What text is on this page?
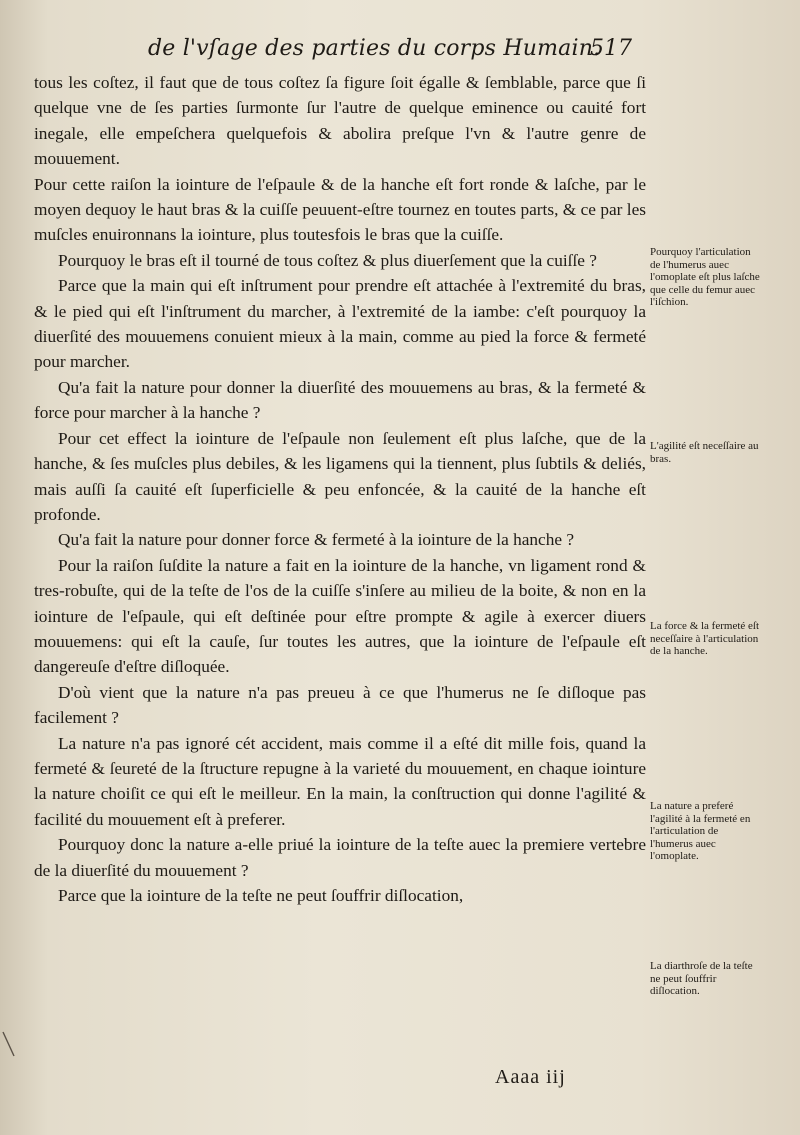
de l'vſage des parties du corps Humain.
517

tous les coſtez, il faut que de tous coſtez ſa figure ſoit égalle & ſemblable, parce que ſi quelque vne de ſes parties ſurmonte ſur l'autre de quelque eminence ou cauité fort inegale, elle empeſchera quelquefois & abolira preſque l'vn & l'autre genre de mouuement.

Pour cette raiſon la iointure de l'eſpaule & de la hanche eſt fort ronde & laſche, par le moyen dequoy le haut bras & la cuiſſe peuuent-eſtre tournez en toutes parts, & ce par les muſcles enuironnans la iointure, plus toutesfois le bras que la cuiſſe.

Pourquoy le bras eſt il tourné de tous coſtez & plus diuerſement que la cuiſſe ?

Parce que la main qui eſt inſtrument pour prendre eſt attachée à l'extremité du bras, & le pied qui eſt l'inſtrument du marcher, à l'extremité de la iambe: c'eſt pourquoy la diuerſité des mouuemens conuient mieux à la main, comme au pied la force & fermeté pour marcher.

Qu'a fait la nature pour donner la diuerſité des mouuemens au bras, & la fermeté & force pour marcher à la hanche ?

Pour cet effect la iointure de l'eſpaule non ſeulement eſt plus laſche, que de la hanche, & ſes muſcles plus debiles, & les ligamens qui la tiennent, plus ſubtils & deliés, mais auſſi ſa cauité eſt ſuperficielle & peu enfoncée, & la cauité de la hanche eſt profonde.

Qu'a fait la nature pour donner force & fermeté à la iointure de la hanche ?

Pour la raiſon ſuſdite la nature a fait en la iointure de la hanche, vn ligament rond & tres-robuſte, qui de la teſte de l'os de la cuiſſe s'inſere au milieu de la boite, & non en la iointure de l'eſpaule, qui eſt deſtinée pour eſtre prompte & agile à exercer diuers mouuemens: qui eſt la cauſe, ſur toutes les autres, que la iointure de l'eſpaule eſt dangereuſe d'eſtre diſloquée.

D'où vient que la nature n'a pas preueu à ce que l'humerus ne ſe diſloque pas facilement ?

La nature n'a pas ignoré cét accident, mais comme il a eſté dit mille fois, quand la fermeté & ſeureté de la ſtructure repugne à la varieté du mouuement, en chaque iointure la nature choiſit ce qui eſt le meilleur. En la main, la conſtruction qui donne l'agilité & facilité du mouuement eſt à preferer.

Pourquoy donc la nature a-elle priué la iointure de la teſte auec la premiere vertebre de la diuerſité du mouuement ?

Parce que la iointure de la teſte ne peut ſouffrir diſlocation,

Pourquoy l'articulation de l'humerus auec l'omoplate eſt plus laſche que celle du femur auec l'iſchion.
L'agilité eſt neceſſaire au bras.
La force & la fermeté eſt neceſſaire à l'articulation de la hanche.
La nature a preferé l'agilité à la fermeté en l'articulation de l'humerus auec l'omoplate.
La diarthroſe de la teſte ne peut ſouffrir diſlocation.
Aaaa iij
